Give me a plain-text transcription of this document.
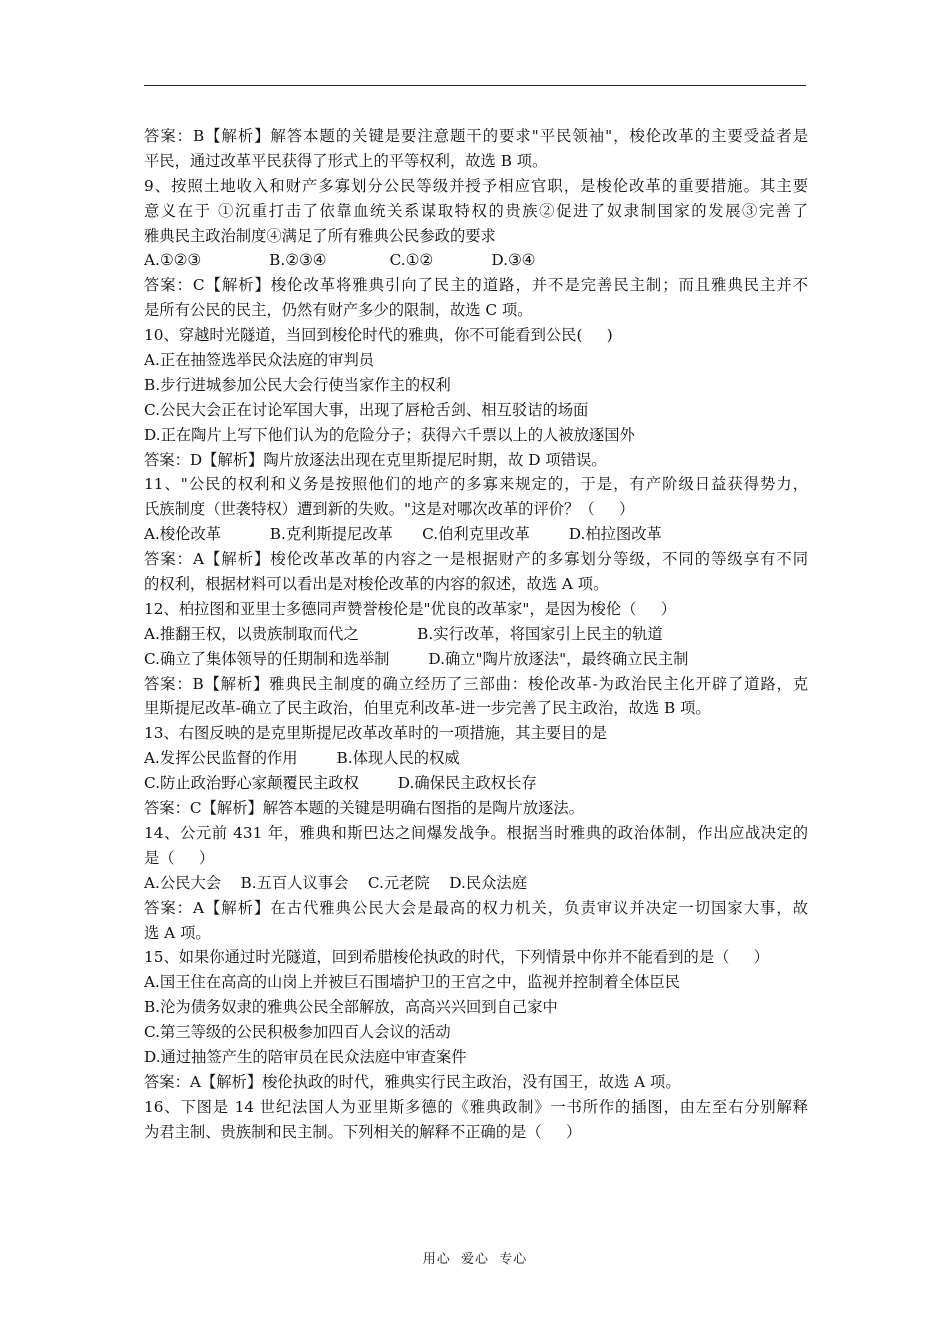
答案：B【解析】解答本题的关键是要注意题干的要求"平民领袖"，梭伦改革的主要受益者是
平民，通过改革平民获得了形式上的平等权利，故选 B 项。
9、按照土地收入和财产多寡划分公民等级并授予相应官职，是梭伦改革的重要措施。其主要
意义在于 ①沉重打击了依靠血统关系谋取特权的贵族②促进了奴隶制国家的发展③完善了
雅典民主政治制度④满足了所有雅典公民参政的要求
A.①②③              B.②③④             C.①②            D.③④
答案：C【解析】梭伦改革将雅典引向了民主的道路，并不是完善民主制；而且雅典民主并不
是所有公民的民主，仍然有财产多少的限制，故选 C 项。
10、穿越时光隧道，当回到梭伦时代的雅典，你不可能看到公民(     )
A.正在抽签选举民众法庭的审判员
B.步行进城参加公民大会行使当家作主的权利
C.公民大会正在讨论军国大事，出现了唇枪舌剑、相互驳诘的场面
D.正在陶片上写下他们认为的危险分子；获得六千票以上的人被放逐国外
答案：D【解析】陶片放逐法出现在克里斯提尼时期，故 D 项错误。
11、"公民的权利和义务是按照他们的地产的多寡来规定的，于是，有产阶级日益获得势力，
氏族制度（世袭特权）遭到新的失败。"这是对哪次改革的评价？（     ）
A.梭伦改革          B.克利斯提尼改革      C.伯利克里改革        D.柏拉图改革
答案：A【解析】梭伦改革改革的内容之一是根据财产的多寡划分等级，不同的等级享有不同
的权利，根据材料可以看出是对梭伦改革的内容的叙述，故选 A 项。
12、柏拉图和亚里士多德同声赞誉梭伦是"优良的改革家"，是因为梭伦（     ）
A.推翻王权，以贵族制取而代之            B.实行改革，将国家引上民主的轨道
C.确立了集体领导的任期制和选举制        D.确立"陶片放逐法"，最终确立民主制
答案：B【解析】雅典民主制度的确立经历了三部曲：梭伦改革-为政治民主化开辟了道路，克
里斯提尼改革-确立了民主政治，伯里克利改革-进一步完善了民主政治，故选 B 项。
13、右图反映的是克里斯提尼改革改革时的一项措施，其主要目的是
A.发挥公民监督的作用        B.体现人民的权威
C.防止政治野心家颠覆民主政权        D.确保民主政权长存
答案：C【解析】解答本题的关键是明确右图指的是陶片放逐法。
14、公元前 431 年，雅典和斯巴达之间爆发战争。根据当时雅典的政治体制，作出应战决定的
是（     ）
A.公民大会    B.五百人议事会    C.元老院    D.民众法庭
答案：A【解析】在古代雅典公民大会是最高的权力机关，负责审议并决定一切国家大事，故
选 A 项。
15、如果你通过时光隧道，回到希腊梭伦执政的时代，下列情景中你并不能看到的是（     ）
A.国王住在高高的山岗上并被巨石围墙护卫的王宫之中，监视并控制着全体臣民
B.沦为债务奴隶的雅典公民全部解放，高高兴兴回到自己家中
C.第三等级的公民积极参加四百人会议的活动
D.通过抽签产生的陪审员在民众法庭中审查案件
答案：A【解析】梭伦执政的时代，雅典实行民主政治，没有国王，故选 A 项。
16、下图是 14 世纪法国人为亚里斯多德的《雅典政制》一书所作的插图，由左至右分别解释
为君主制、贵族制和民主制。下列相关的解释不正确的是（     ）
用心  爱心  专心
